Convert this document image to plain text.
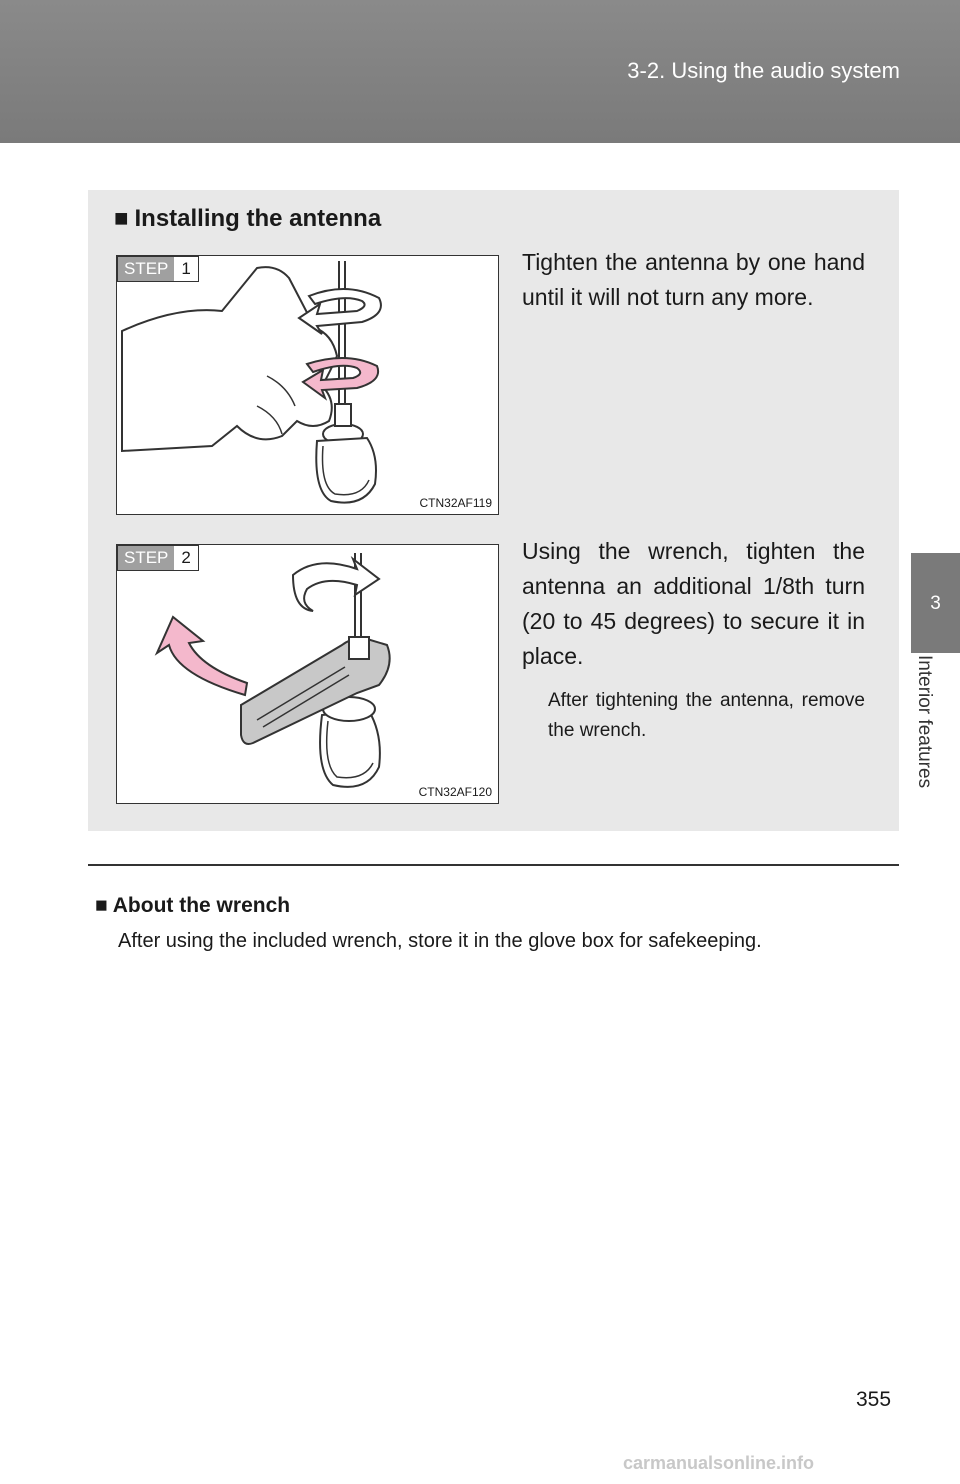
3-2. Using the audio system
3
Interior features
■ Installing the antenna
STEP 1
CTN32AF119
Tighten the antenna by one hand until it will not turn any more.
STEP 2
CTN32AF120
Using the wrench, tighten the antenna an additional 1/8th turn (20 to 45 degrees) to secure it in place.
After tightening the antenna, remove the wrench.
■ About the wrench
After using the included wrench, store it in the glove box for safekeeping.
355
carmanualsonline.info
